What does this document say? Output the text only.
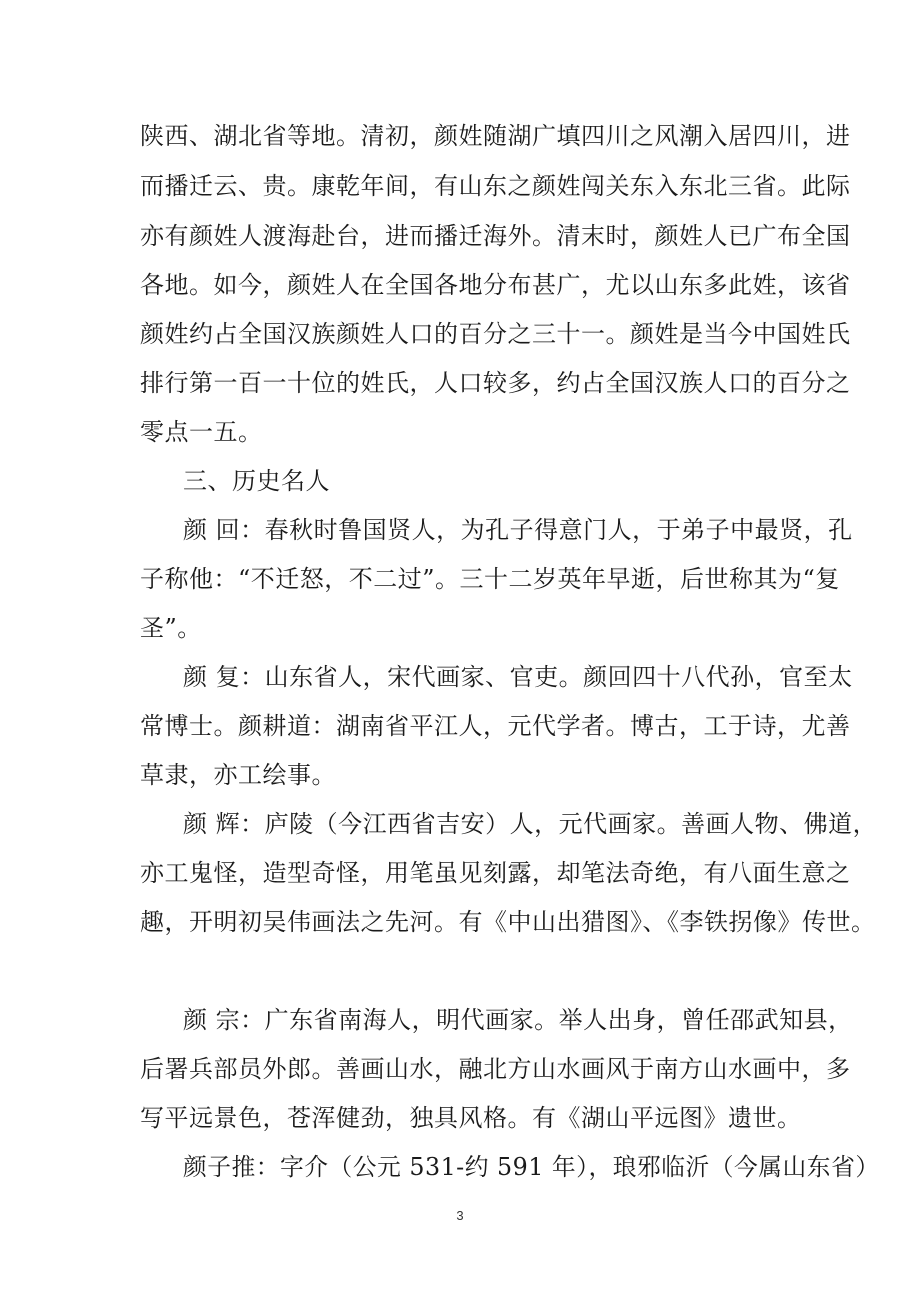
陕西、湖北省等地。清初，颜姓随湖广填四川之风潮入居四川，进
而播迁云、贵。康乾年间，有山东之颜姓闯关东入东北三省。此际
亦有颜姓人渡海赴台，进而播迁海外。清末时，颜姓人已广布全国
各地。如今，颜姓人在全国各地分布甚广，尤以山东多此姓，该省
颜姓约占全国汉族颜姓人口的百分之三十一。颜姓是当今中国姓氏
排行第一百一十位的姓氏，人口较多，约占全国汉族人口的百分之
零点一五。
三、历史名人
颜 回：春秋时鲁国贤人，为孔子得意门人，于弟子中最贤，孔
子称他：“不迁怒，不二过”。三十二岁英年早逝，后世称其为“复
圣”。
颜 复：山东省人，宋代画家、官吏。颜回四十八代孙，官至太
常博士。颜耕道：湖南省平江人，元代学者。博古，工于诗，尤善
草隶，亦工绘事。
颜 辉：庐陵（今江西省吉安）人，元代画家。善画人物、佛道，
亦工鬼怪，造型奇怪，用笔虽见刻露，却笔法奇绝，有八面生意之
趣，开明初吴伟画法之先河。有《中山出猎图》、《李铁拐像》传世。
颜 宗：广东省南海人，明代画家。举人出身，曾任邵武知县，
后署兵部员外郎。善画山水，融北方山水画风于南方山水画中，多
写平远景色，苍浑健劲，独具风格。有《湖山平远图》遗世。
颜子推：字介（公元 531-约 591 年），琅邪临沂（今属山东省）
3
